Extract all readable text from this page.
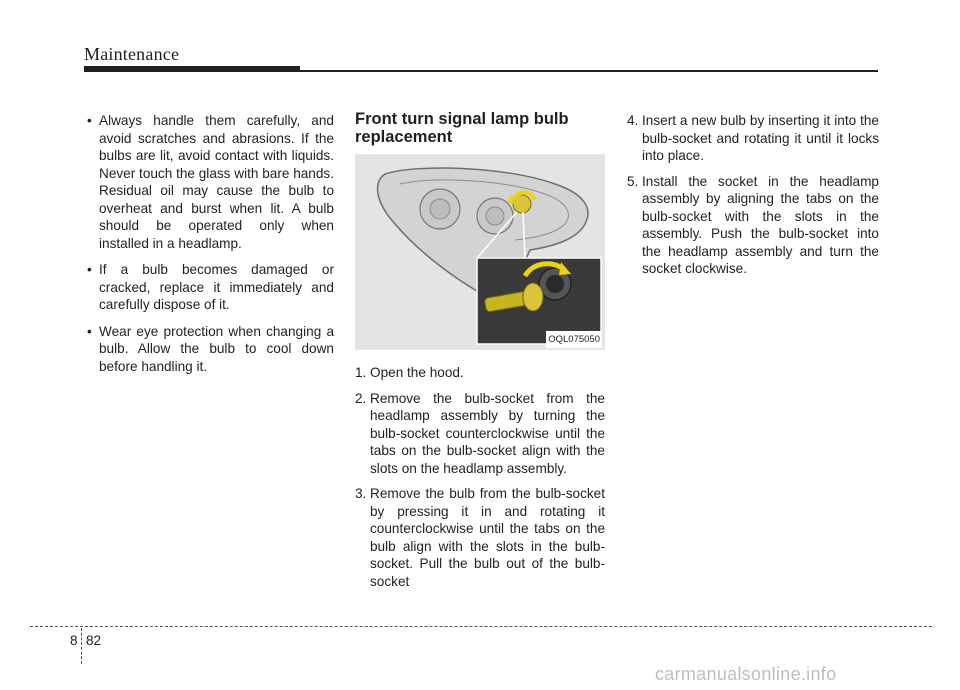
Maintenance
• Always handle them carefully, and avoid scratches and abrasions. If the bulbs are lit, avoid contact with liquids. Never touch the glass with bare hands. Residual oil may cause the bulb to overheat and burst when lit. A bulb should be operated only when installed in a headlamp.
• If a bulb becomes damaged or cracked, replace it immediately and carefully dispose of it.
• Wear eye protection when changing a bulb. Allow the bulb to cool down before handling it.
Front turn signal lamp bulb replacement
OQL075050
1. Open the hood.
2. Remove the bulb-socket from the headlamp assembly by turning the bulb-socket counterclockwise until the tabs on the bulb-socket align with the slots on the headlamp assembly.
3. Remove the bulb from the bulb-socket by pressing it in and rotating it counterclockwise until the tabs on the bulb align with the slots in the bulb-socket. Pull the bulb out of the bulb-socket
4. Insert a new bulb by inserting it into the bulb-socket and rotating it until it locks into place.
5. Install the socket in the headlamp assembly by aligning the tabs on the bulb-socket with the slots in the assembly. Push the bulb-socket into the headlamp assembly and turn the socket clockwise.
8 82
carmanualsonline.info
